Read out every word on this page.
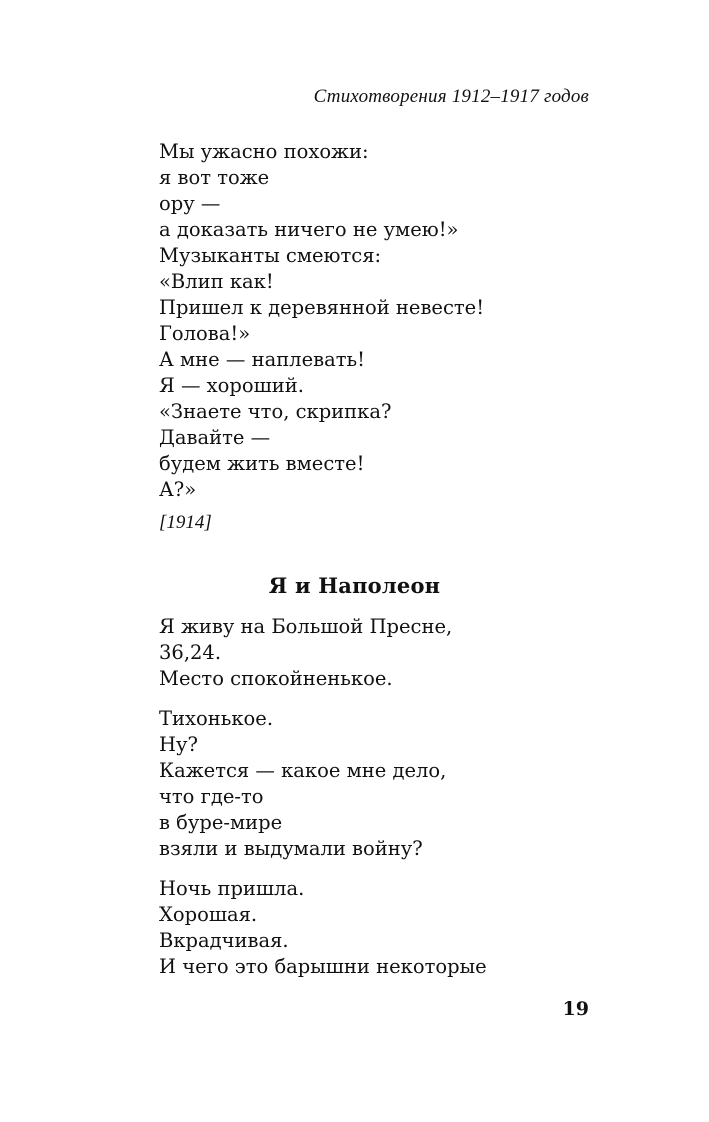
Стихотворения 1912–1917 годов
Мы ужасно похожи:
я вот тоже
ору —
а доказать ничего не умею!»
Музыканты смеются:
«Влип как!
Пришел к деревянной невесте!
Голова!»
А мне — наплевать!
Я — хороший.
«Знаете что, скрипка?
Давайте —
будем жить вместе!
А?»
[1914]
Я и Наполеон
Я живу на Большой Пресне,
36,24.
Место спокойненькое.
Тихонькое.
Ну?
Кажется — какое мне дело,
что где-то
в буре-мире
взяли и выдумали войну?
Ночь пришла.
Хорошая.
Вкрадчивая.
И чего это барышни некоторые
19
